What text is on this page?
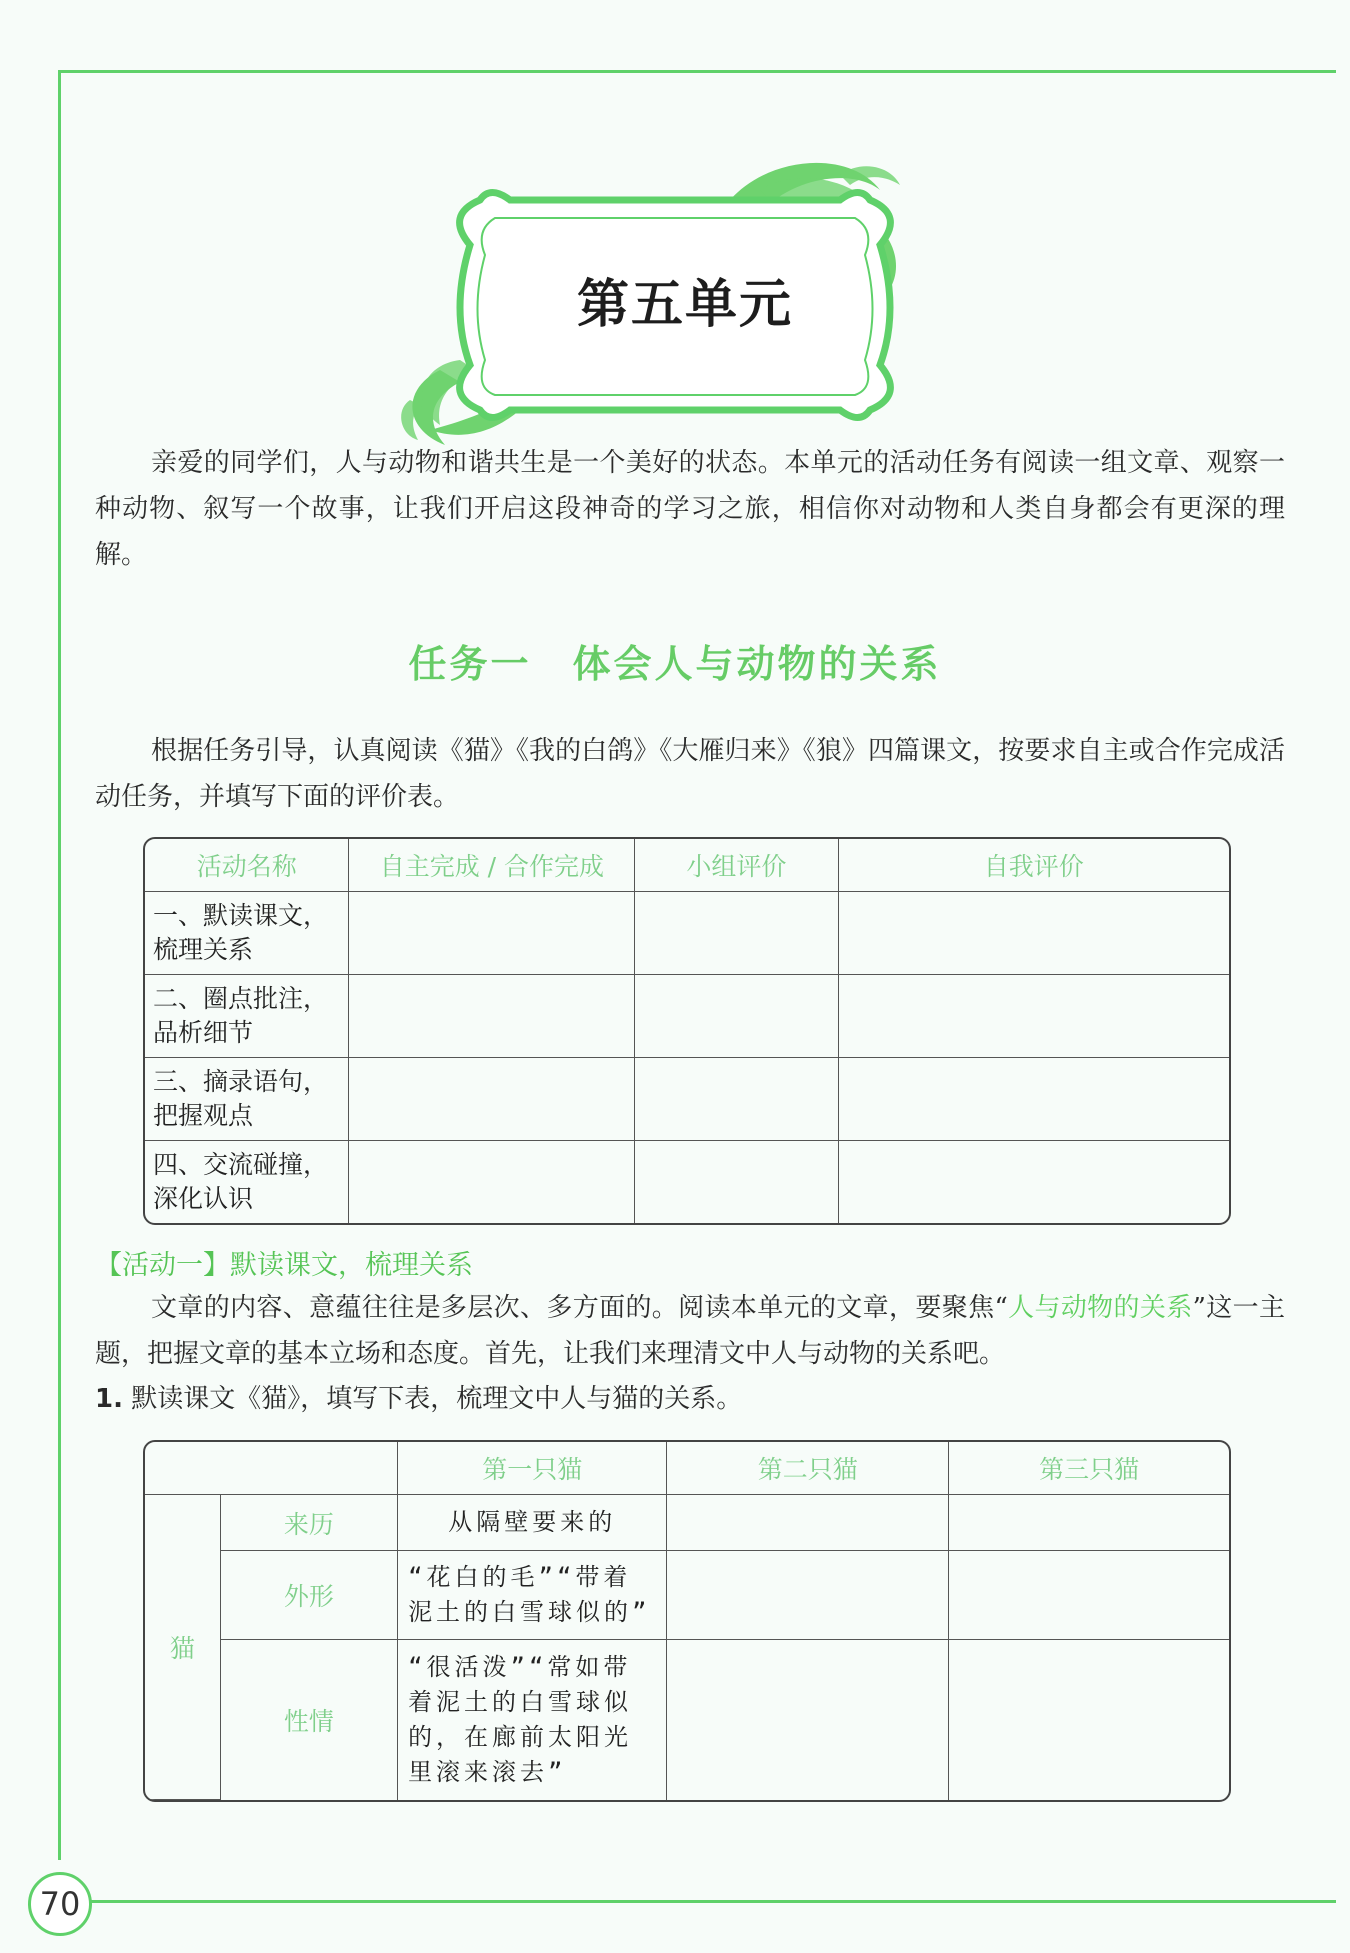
第五单元

亲爱的同学们，人与动物和谐共生是一个美好的状态。本单元的活动任务有阅读一组文章、观察一种动物、叙写一个故事，让我们开启这段神奇的学习之旅，相信你对动物和人类自身都会有更深的理解。

任务一　体会人与动物的关系

根据任务引导，认真阅读《猫》《我的白鸽》《大雁归来》《狼》四篇课文，按要求自主或合作完成活动任务，并填写下面的评价表。

活动名称	自主完成 / 合作完成	小组评价	自我评价
一、默读课文，
梳理关系			
二、圈点批注，
品析细节			
三、摘录语句，
把握观点			
四、交流碰撞，
深化认识			
【活动一】默读课文，梳理关系

文章的内容、意蕴往往是多层次、多方面的。阅读本单元的文章，要聚焦“人与动物的关系”这一主题，把握文章的基本立场和态度。首先，让我们来理清文中人与动物的关系吧。

1. 默读课文《猫》，填写下表，梳理文中人与猫的关系。
		第一只猫	第二只猫	第三只猫
猫	来历	从隔壁要来的		
	外形	“花白的毛”“带着泥土的白雪球似的”		
	性情	“很活泼”“常如带着泥土的白雪球似的，在廊前太阳光里滚来滚去”		
70
